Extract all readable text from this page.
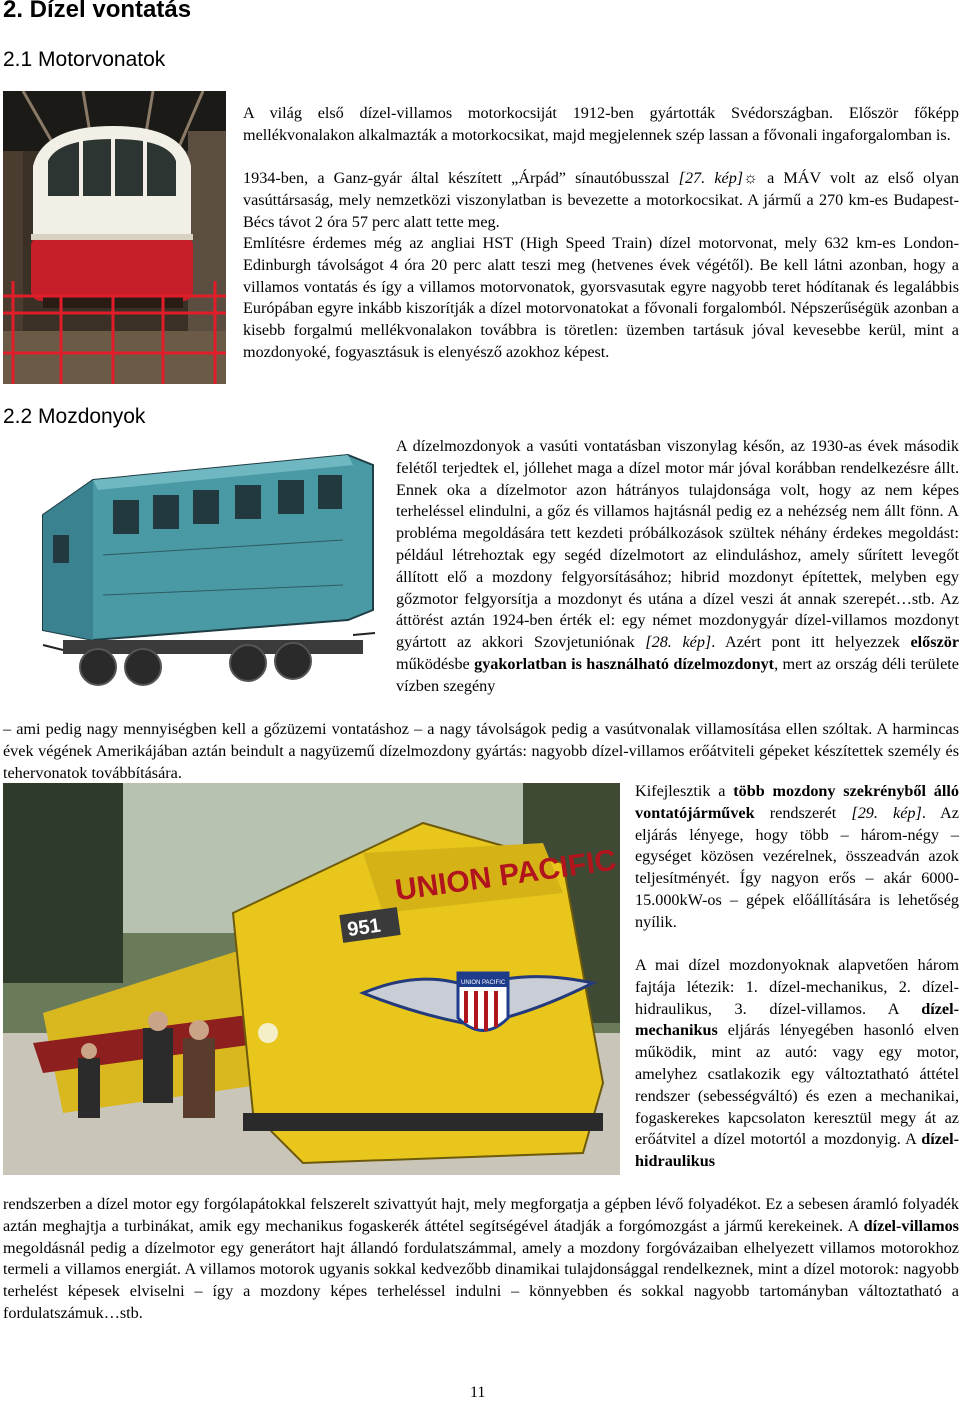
2. Dízel vontatás
2.1 Motorvonatok
2.2 Mozdonyok
UNION PACIFIC
951
UNION PACIFIC
A világ első dízel-villamos motorkocsiját 1912-ben gyártották Svédországban. Először főképp mellékvonalakon alkalmazták a motorkocsikat, majd megjelennek szép lassan a fővonali ingaforgalomban is.
1934-ben, a Ganz-gyár által készített „Árpád” sínautóbusszal [27. kép]☼ a MÁV volt az első olyan vasúttársaság, mely nemzetközi viszonylatban is bevezette a motorkocsikat. A jármű a 270 km-es Budapest-Bécs távot 2 óra 57 perc alatt tette meg.
Említésre érdemes még az angliai HST (High Speed Train) dízel motorvonat, mely 632 km-es London-Edinburgh távolságot 4 óra 20 perc alatt teszi meg (hetvenes évek végétől). Be kell látni azonban, hogy a villamos vontatás és így a villamos motorvonatok, gyorsvasutak egyre nagyobb teret hódítanak és legalábbis Európában egyre inkább kiszorítják a dízel motorvonatokat a fővonali forgalomból. Népszerűségük azonban a kisebb forgalmú mellékvonalakon továbbra is töretlen: üzemben tartásuk jóval kevesebbe kerül, mint a mozdonyoké, fogyasztásuk is elenyésző azokhoz képest.
A dízelmozdonyok a vasúti vontatásban viszonylag későn, az 1930-as évek második felétől terjedtek el, jóllehet maga a dízel motor már jóval korábban rendelkezésre állt. Ennek oka a dízelmotor azon hátrányos tulajdonsága volt, hogy az nem képes terheléssel elindulni, a gőz és villamos hajtásnál pedig ez a nehézség nem állt fönn. A probléma megoldására tett kezdeti próbálkozások szültek néhány érdekes megoldást: például létrehoztak egy segéd dízelmotort az elinduláshoz, amely sűrített levegőt állított elő a mozdony felgyorsításához; hibrid mozdonyt építettek, melyben egy gőzmotor felgyorsítja a mozdonyt és utána a dízel veszi át annak szerepét…stb. Az áttörést aztán 1924-ben érték el: egy német mozdonygyár dízel-villamos mozdonyt gyártott az akkori Szovjetuniónak [28. kép]. Azért pont itt helyezzek először működésbe gyakorlatban is használható dízelmozdonyt, mert az ország déli területe vízben szegény
– ami pedig nagy mennyiségben kell a gőzüzemi vontatáshoz – a nagy távolságok pedig a vasútvonalak villamosítása ellen szóltak. A harmincas évek végének Amerikájában aztán beindult a nagyüzemű dízelmozdony gyártás: nagyobb dízel-villamos erőátviteli gépeket készítettek személy és tehervonatok továbbítására.
Kifejlesztik a több mozdony szekrényből álló vontatójárművek rendszerét [29. kép]. Az eljárás lényege, hogy több – három-négy – egységet közösen vezérelnek, összeadván azok teljesítményét. Így nagyon erős – akár 6000-15.000kW-os – gépek előállítására is lehetőség nyílik.
A mai dízel mozdonyoknak alapvetően három fajtája létezik: 1. dízel-mechanikus, 2. dízel-hidraulikus, 3. dízel-villamos. A dízel-mechanikus eljárás lényegében hasonló elven működik, mint az autó: vagy egy motor, amelyhez csatlakozik egy változtatható áttétel rendszer (sebességváltó) és ezen a mechanikai, fogaskerekes kapcsolaton keresztül megy át az erőátvitel a dízel motortól a mozdonyig. A dízel-hidraulikus
rendszerben a dízel motor egy forgólapátokkal felszerelt szivattyút hajt, mely megforgatja a gépben lévő folyadékot. Ez a sebesen áramló folyadék aztán meghajtja a turbinákat, amik egy mechanikus fogaskerék áttétel segítségével átadják a forgómozgást a jármű kerekeinek. A dízel-villamos megoldásnál pedig a dízelmotor egy generátort hajt állandó fordulatszámmal, amely a mozdony forgóvázaiban elhelyezett villamos motorokhoz termeli a villamos energiát. A villamos motorok ugyanis sokkal kedvezőbb dinamikai tulajdonsággal rendelkeznek, mint a dízel motorok: nagyobb terhelést képesek elviselni – így a mozdony képes terheléssel indulni – könnyebben és sokkal nagyobb tartományban változtatható a fordulatszámuk…stb.
11
